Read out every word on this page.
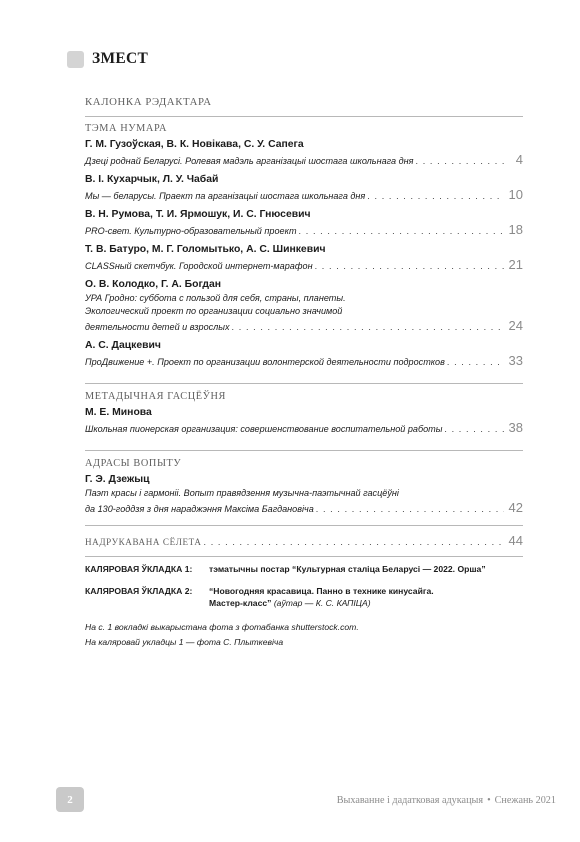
ЗМЕСТ
КАЛОНКА РЭДАКТАРА
ТЭМА НУМАРА
Г. М. Гузоўская, В. К. Новікава, С. У. Сапега
Дзеці роднай Беларусі. Ролевая мадэль арганізацыі шостага школьнага дня . . .	4
В. І. Кухарчык, Л. У. Чабай
Мы — беларусы. Праект па арганізацыі шостага школьнага дня . . .	10
В. Н. Румова, Т. И. Ярмошук, И. С. Гнюсевич
PRO-свет. Культурно-образовательный проект . . .	18
Т. В. Батуро, М. Г. Голомытько, А. С. Шинкевич
CLASSный скетчбук. Городской интернет-марафон . . .	21
О. В. Колодко, Г. А. Богдан
УРА Гродно: суббота с пользой для себя, страны, планеты.
Экологический проект по организации социально значимой
деятельности детей и взрослых . . .	24
А. С. Дацкевич
ПроДвижение +. Проект по организации волонтерской деятельности подростков . . .	33
МЕТАДЫЧНАЯ ГАСЦЁЎНЯ
М. Е. Минова
Школьная пионерская организация: совершенствование воспитательной работы . . .	38
АДРАСЫ ВОПЫТУ
Г. Э. Дзежыц
Паэт красы і гармоніі. Вопыт правядзення музычна-паэтычнай гасцёўні
да 130-годдзя з дня нараджэння Максіма Багдановіча . . .	42
НАДРУКАВАНА СЁЛЕТА . . .	44
КАЛЯРОВАЯ ЎКЛАДКА 1: тэматычны постар “Культурная сталіца Беларусі — 2022. Орша”
КАЛЯРОВАЯ ЎКЛАДКА 2: “Новогодняя красавица. Панно в технике кинусайга.
Мастер-класс” (аўтар — К. С. КАПІЦА)
На с. 1 вокладкі выкарыстана фота з фотабанка shutterstock.com.
На каляровай укладцы 1 — фота С. Плыткевіча
2	Выхаванне і дадатковая адукацыя • Снежань 2021
